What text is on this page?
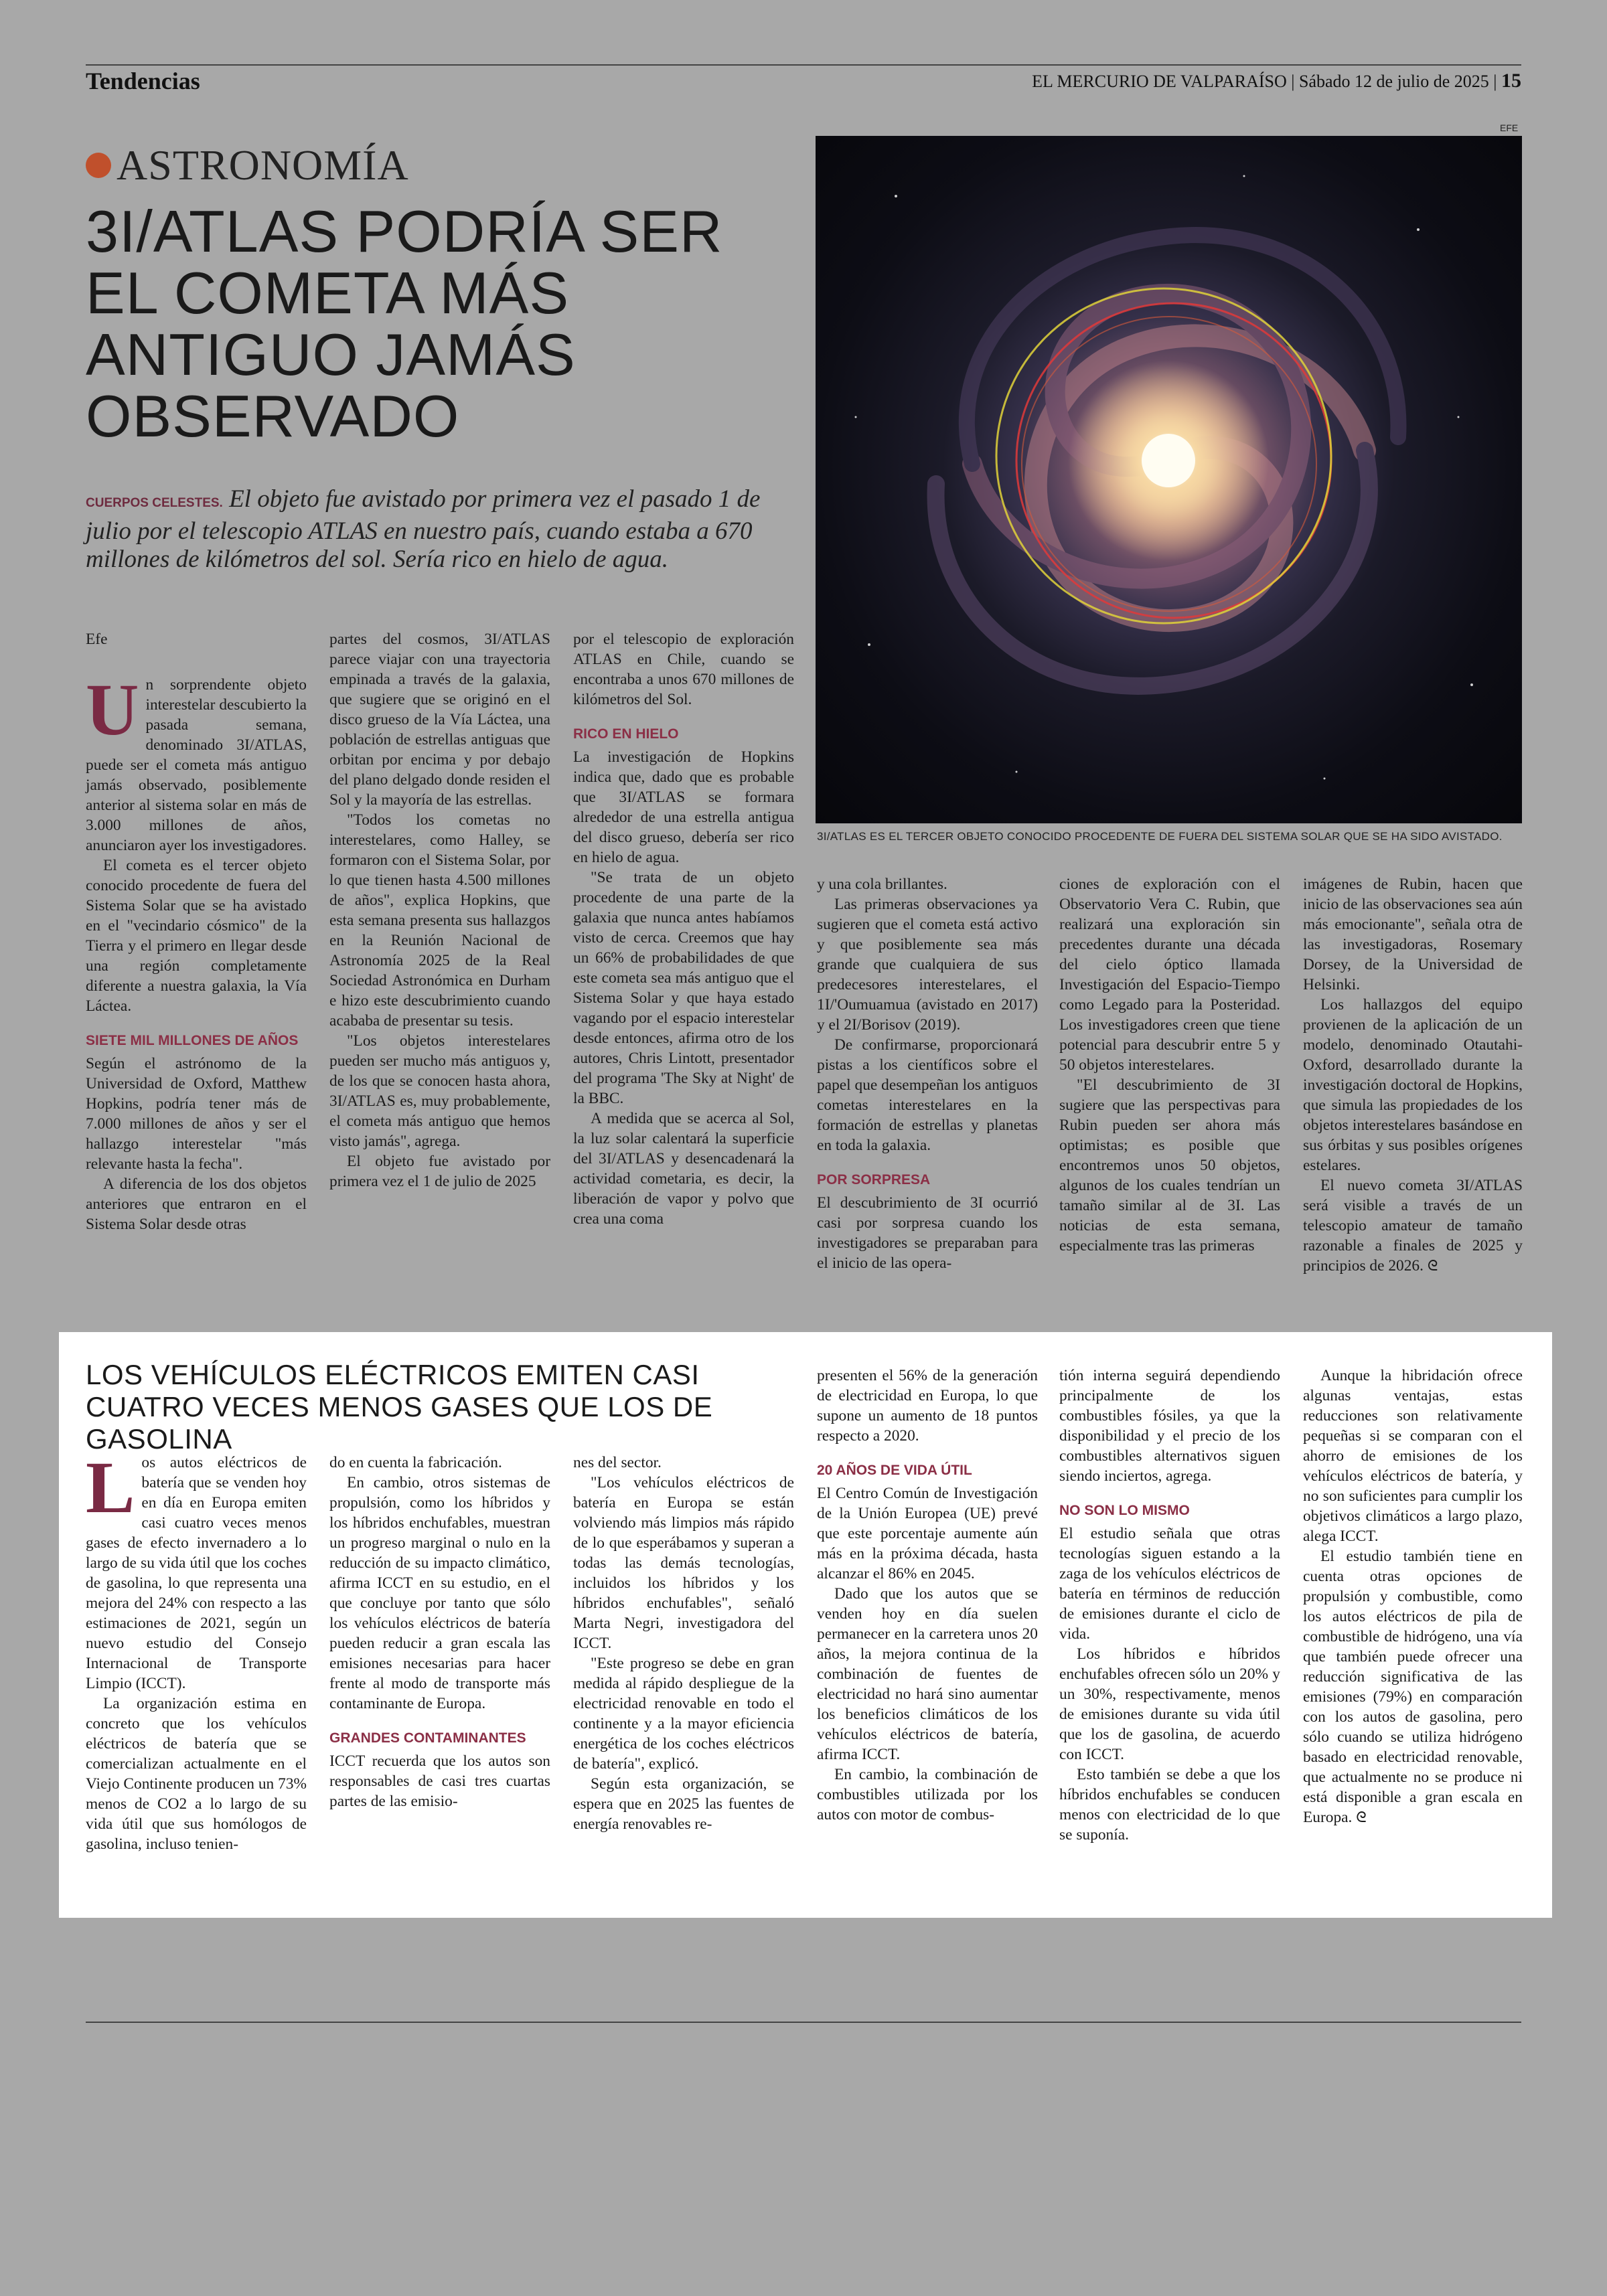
Tendencias	EL MERCURIO DE VALPARAÍSO | Sábado 12 de julio de 2025 | 15
ASTRONOMÍA
3I/ATLAS PODRÍA SER EL COMETA MÁS ANTIGUO JAMÁS OBSERVADO
CUERPOS CELESTES. El objeto fue avistado por primera vez el pasado 1 de julio por el telescopio ATLAS en nuestro país, cuando estaba a 670 millones de kilómetros del sol. Sería rico en hielo de agua.
EFE
3I/ATLAS ES EL TERCER OBJETO CONOCIDO PROCEDENTE DE FUERA DEL SISTEMA SOLAR QUE SE HA SIDO AVISTADO.

Efe

Un sorprendente objeto interestelar descubierto la pasada semana, denominado 3I/ATLAS, puede ser el cometa más antiguo jamás observado, posiblemente anterior al sistema solar en más de 3.000 millones de años, anunciaron ayer los investigadores.

El cometa es el tercer objeto conocido procedente de fuera del Sistema Solar que se ha avistado en el "vecindario cósmico" de la Tierra y el primero en llegar desde una región completamente diferente a nuestra galaxia, la Vía Láctea.

SIETE MIL MILLONES DE AÑOS

Según el astrónomo de la Universidad de Oxford, Matthew Hopkins, podría tener más de 7.000 millones de años y ser el hallazgo interestelar "más relevante hasta la fecha".

A diferencia de los dos objetos anteriores que entraron en el Sistema Solar desde otras

partes del cosmos, 3I/ATLAS parece viajar con una trayectoria empinada a través de la galaxia, que sugiere que se originó en el disco grueso de la Vía Láctea, una población de estrellas antiguas que orbitan por encima y por debajo del plano delgado donde residen el Sol y la mayoría de las estrellas.

"Todos los cometas no interestelares, como Halley, se formaron con el Sistema Solar, por lo que tienen hasta 4.500 millones de años", explica Hopkins, que esta semana presenta sus hallazgos en la Reunión Nacional de Astronomía 2025 de la Real Sociedad Astronómica en Durham e hizo este descubrimiento cuando acababa de presentar su tesis.

"Los objetos interestelares pueden ser mucho más antiguos y, de los que se conocen hasta ahora, 3I/ATLAS es, muy probablemente, el cometa más antiguo que hemos visto jamás", agrega.

El objeto fue avistado por primera vez el 1 de julio de 2025

por el telescopio de exploración ATLAS en Chile, cuando se encontraba a unos 670 millones de kilómetros del Sol.

RICO EN HIELO

La investigación de Hopkins indica que, dado que es probable que 3I/ATLAS se formara alrededor de una estrella antigua del disco grueso, debería ser rico en hielo de agua.

"Se trata de un objeto procedente de una parte de la galaxia que nunca antes habíamos visto de cerca. Creemos que hay un 66% de probabilidades de que este cometa sea más antiguo que el Sistema Solar y que haya estado vagando por el espacio interestelar desde entonces, afirma otro de los autores, Chris Lintott, presentador del programa 'The Sky at Night' de la BBC.

A medida que se acerca al Sol, la luz solar calentará la superficie del 3I/ATLAS y desencadenará la actividad cometaria, es decir, la liberación de vapor y polvo que crea una coma

y una cola brillantes.

Las primeras observaciones ya sugieren que el cometa está activo y que posiblemente sea más grande que cualquiera de sus predecesores interestelares, el 1I/'Oumuamua (avistado en 2017) y el 2I/Borisov (2019).

De confirmarse, proporcionará pistas a los científicos sobre el papel que desempeñan los antiguos cometas interestelares en la formación de estrellas y planetas en toda la galaxia.

POR SORPRESA

El descubrimiento de 3I ocurrió casi por sorpresa cuando los investigadores se preparaban para el inicio de las opera-

ciones de exploración con el Observatorio Vera C. Rubin, que realizará una exploración sin precedentes durante una década del cielo óptico llamada Investigación del Espacio-Tiempo como Legado para la Posteridad. Los investigadores creen que tiene potencial para descubrir entre 5 y 50 objetos interestelares.

"El descubrimiento de 3I sugiere que las perspectivas para Rubin pueden ser ahora más optimistas; es posible que encontremos unos 50 objetos, algunos de los cuales tendrían un tamaño similar al de 3I. Las noticias de esta semana, especialmente tras las primeras

imágenes de Rubin, hacen que inicio de las observaciones sea aún más emocionante", señala otra de las investigadoras, Rosemary Dorsey, de la Universidad de Helsinki.

Los hallazgos del equipo provienen de la aplicación de un modelo, denominado Otautahi-Oxford, desarrollado durante la investigación doctoral de Hopkins, que simula las propiedades de los objetos interestelares basándose en sus órbitas y sus posibles orígenes estelares.

El nuevo cometa 3I/ATLAS será visible a través de un telescopio amateur de tamaño razonable a finales de 2025 y principios de 2026. ᘓ

LOS VEHÍCULOS ELÉCTRICOS EMITEN CASI CUATRO VECES MENOS GASES QUE LOS DE GASOLINA

Los autos eléctricos de batería que se venden hoy en día en Europa emiten casi cuatro veces menos gases de efecto invernadero a lo largo de su vida útil que los coches de gasolina, lo que representa una mejora del 24% con respecto a las estimaciones de 2021, según un nuevo estudio del Consejo Internacional de Transporte Limpio (ICCT).

La organización estima en concreto que los vehículos eléctricos de batería que se comercializan actualmente en el Viejo Continente producen un 73% menos de CO2 a lo largo de su vida útil que sus homólogos de gasolina, incluso tenien-

do en cuenta la fabricación.

En cambio, otros sistemas de propulsión, como los híbridos y los híbridos enchufables, muestran un progreso marginal o nulo en la reducción de su impacto climático, afirma ICCT en su estudio, en el que concluye por tanto que sólo los vehículos eléctricos de batería pueden reducir a gran escala las emisiones necesarias para hacer frente al modo de transporte más contaminante de Europa.

GRANDES CONTAMINANTES

ICCT recuerda que los autos son responsables de casi tres cuartas partes de las emisio-

nes del sector.

"Los vehículos eléctricos de batería en Europa se están volviendo más limpios más rápido de lo que esperábamos y superan a todas las demás tecnologías, incluidos los híbridos y los híbridos enchufables", señaló Marta Negri, investigadora del ICCT.

"Este progreso se debe en gran medida al rápido despliegue de la electricidad renovable en todo el continente y a la mayor eficiencia energética de los coches eléctricos de batería", explicó.

Según esta organización, se espera que en 2025 las fuentes de energía renovables re-

presenten el 56% de la generación de electricidad en Europa, lo que supone un aumento de 18 puntos respecto a 2020.

20 AÑOS DE VIDA ÚTIL

El Centro Común de Investigación de la Unión Europea (UE) prevé que este porcentaje aumente aún más en la próxima década, hasta alcanzar el 86% en 2045.

Dado que los autos que se venden hoy en día suelen permanecer en la carretera unos 20 años, la mejora continua de la combinación de fuentes de electricidad no hará sino aumentar los beneficios climáticos de los vehículos eléctricos de batería, afirma ICCT.

En cambio, la combinación de combustibles utilizada por los autos con motor de combus-

tión interna seguirá dependiendo principalmente de los combustibles fósiles, ya que la disponibilidad y el precio de los combustibles alternativos siguen siendo inciertos, agrega.

NO SON LO MISMO

El estudio señala que otras tecnologías siguen estando a la zaga de los vehículos eléctricos de batería en términos de reducción de emisiones durante el ciclo de vida.

Los híbridos e híbridos enchufables ofrecen sólo un 20% y un 30%, respectivamente, menos de emisiones durante su vida útil que los de gasolina, de acuerdo con ICCT.

Esto también se debe a que los híbridos enchufables se conducen menos con electricidad de lo que se suponía.

Aunque la hibridación ofrece algunas ventajas, estas reducciones son relativamente pequeñas si se comparan con el ahorro de emisiones de los vehículos eléctricos de batería, y no son suficientes para cumplir los objetivos climáticos a largo plazo, alega ICCT.

El estudio también tiene en cuenta otras opciones de propulsión y combustible, como los autos eléctricos de pila de combustible de hidrógeno, una vía que también puede ofrecer una reducción significativa de las emisiones (79%) en comparación con los autos de gasolina, pero sólo cuando se utiliza hidrógeno basado en electricidad renovable, que actualmente no se produce ni está disponible a gran escala en Europa. ᘓ
